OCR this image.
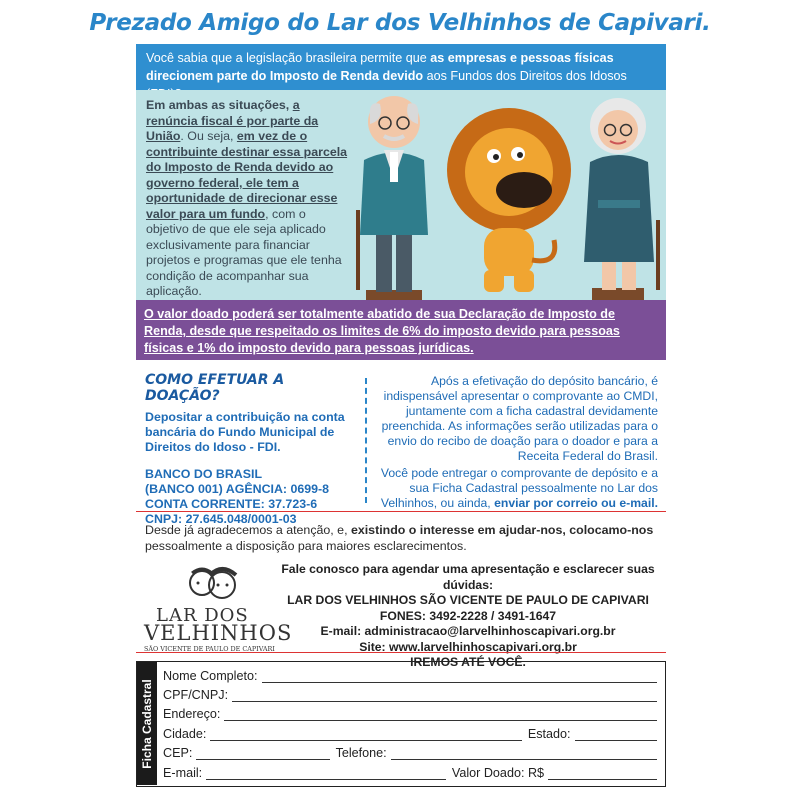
Prezado Amigo do Lar dos Velhinhos de Capivari.
Você sabia que a legislação brasileira permite que as empresas e pessoas físicas direcionem parte do Imposto de Renda devido aos Fundos dos Direitos dos Idosos
Em ambas as situações, a renúncia fiscal é por parte da União. Ou seja, em vez de o contribuinte destinar essa parcela do Imposto de Renda devido ao governo federal, ele tem a oportunidade de direcionar esse valor para um fundo, com o objetivo de que ele seja aplicado exclusivamente para financiar projetos e programas que ele tenha condição de acompanhar sua aplicação.
O valor doado poderá ser totalmente abatido de sua Declaração de Imposto de Renda, desde que respeitado os limites de 6% do imposto devido para pessoas físicas e 1% do imposto devido para pessoas jurídicas.
COMO EFETUAR A DOAÇÃO?
Depositar a contribuição na conta bancária do Fundo Municipal de Direitos do Idoso - FDI.
BANCO DO BRASIL
(BANCO 001) AGÊNCIA: 0699-8
CONTA CORRENTE: 37.723-6
CNPJ: 27.645.048/0001-03

Após a efetivação do depósito bancário, é indispensável apresentar o comprovante ao CMDI, juntamente com a ficha cadastral devidamente preenchida. As informações serão utilizadas para o envio do recibo de doação para o doador e para a Receita Federal do Brasil.

Você pode entregar o comprovante de depósito e a sua Ficha Cadastral pessoalmente no Lar dos Velhinhos, ou ainda, enviar por correio ou e-mail.

Desde já agradecemos a atenção, e, existindo o interesse em ajudar-nos, colocamo-nos pessoalmente a disposição para maiores esclarecimentos.
LAR DOS
VELHINHOS
SÃO VICENTE DE PAULO DE CAPIVARI
Fale conosco para agendar uma apresentação e esclarecer suas dúvidas:
LAR DOS VELHINHOS SÃO VICENTE DE PAULO DE CAPIVARI
FONES: 3492-2228 / 3491-1647
E-mail: administracao@larvelhinhoscapivari.org.br
Site: www.larvelhinhoscapivari.org.br
IREMOS ATÉ VOCÊ.
Ficha Cadastral
Nome Completo:
CPF/CNPJ:
Endereço:
Cidade:	Estado:
CEP:	Telefone:
E-mail:	Valor Doado: R$
